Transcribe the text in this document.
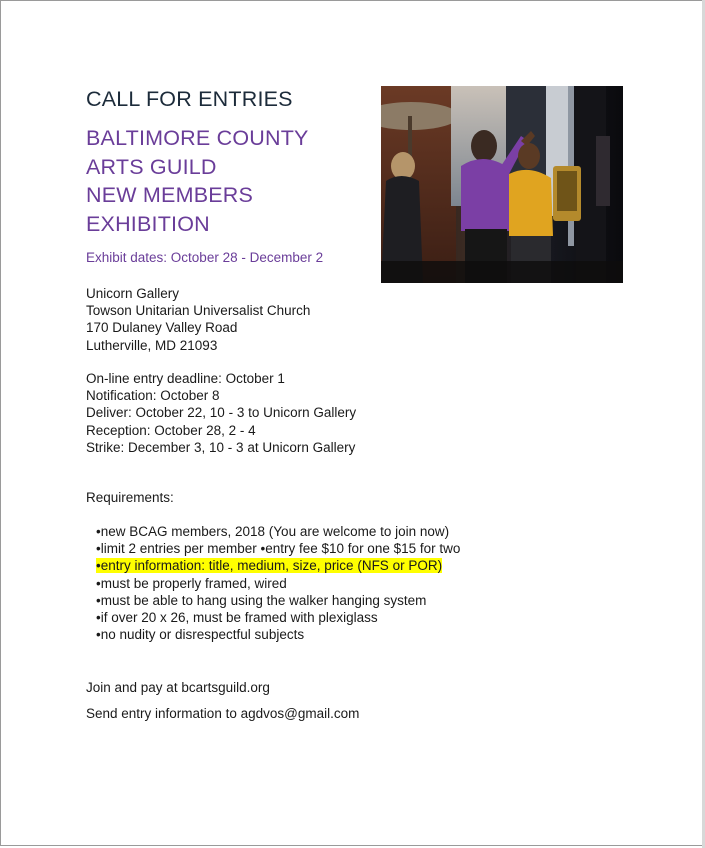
CALL FOR ENTRIES
BALTIMORE COUNTY
ARTS GUILD
NEW MEMBERS
EXHIBITION
Exhibit dates: October 28 - December 2
Unicorn Gallery
Towson Unitarian Universalist Church
170 Dulaney Valley Road
Lutherville, MD 21093
On-line entry deadline: October 1
Notification: October 8
Deliver: October 22, 10 - 3 to Unicorn Gallery
Reception: October 28, 2 - 4
Strike: December 3, 10 - 3 at Unicorn Gallery
Requirements:
•new BCAG members, 2018 (You are welcome to join now)
•limit 2 entries per member •entry fee $10 for one $15 for two
•entry information: title, medium, size, price (NFS or POR)
•must be properly framed, wired
•must be able to hang using the walker hanging system
•if over 20 x 26, must be framed with plexiglass
•no nudity or disrespectful subjects
Join and pay at bcartsguild.org
Send entry information to agdvos@gmail.com
